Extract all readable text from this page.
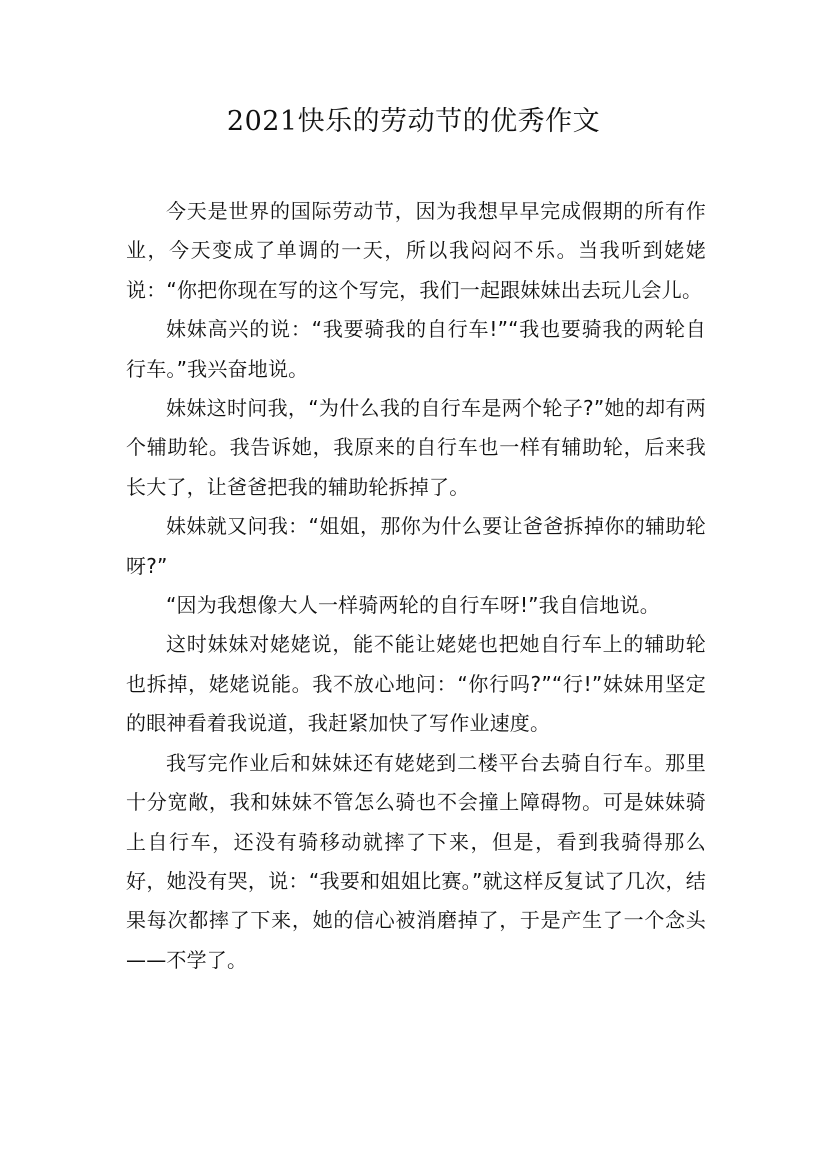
2021快乐的劳动节的优秀作文

今天是世界的国际劳动节，因为我想早早完成假期的所有作业，今天变成了单调的一天，所以我闷闷不乐。当我听到姥姥说：“你把你现在写的这个写完，我们一起跟妹妹出去玩儿会儿。

妹妹高兴的说：“我要骑我的自行车!”“我也要骑我的两轮自行车。”我兴奋地说。

妹妹这时问我，“为什么我的自行车是两个轮子?”她的却有两个辅助轮。我告诉她，我原来的自行车也一样有辅助轮，后来我长大了，让爸爸把我的辅助轮拆掉了。

妹妹就又问我：“姐姐，那你为什么要让爸爸拆掉你的辅助轮呀?”

“因为我想像大人一样骑两轮的自行车呀!”我自信地说。

这时妹妹对姥姥说，能不能让姥姥也把她自行车上的辅助轮也拆掉，姥姥说能。我不放心地问：“你行吗?”“行!”妹妹用坚定的眼神看着我说道，我赶紧加快了写作业速度。

我写完作业后和妹妹还有姥姥到二楼平台去骑自行车。那里十分宽敞，我和妹妹不管怎么骑也不会撞上障碍物。可是妹妹骑上自行车，还没有骑移动就摔了下来，但是，看到我骑得那么好，她没有哭，说：“我要和姐姐比赛。”就这样反复试了几次，结果每次都摔了下来，她的信心被消磨掉了，于是产生了一个念头——不学了。
